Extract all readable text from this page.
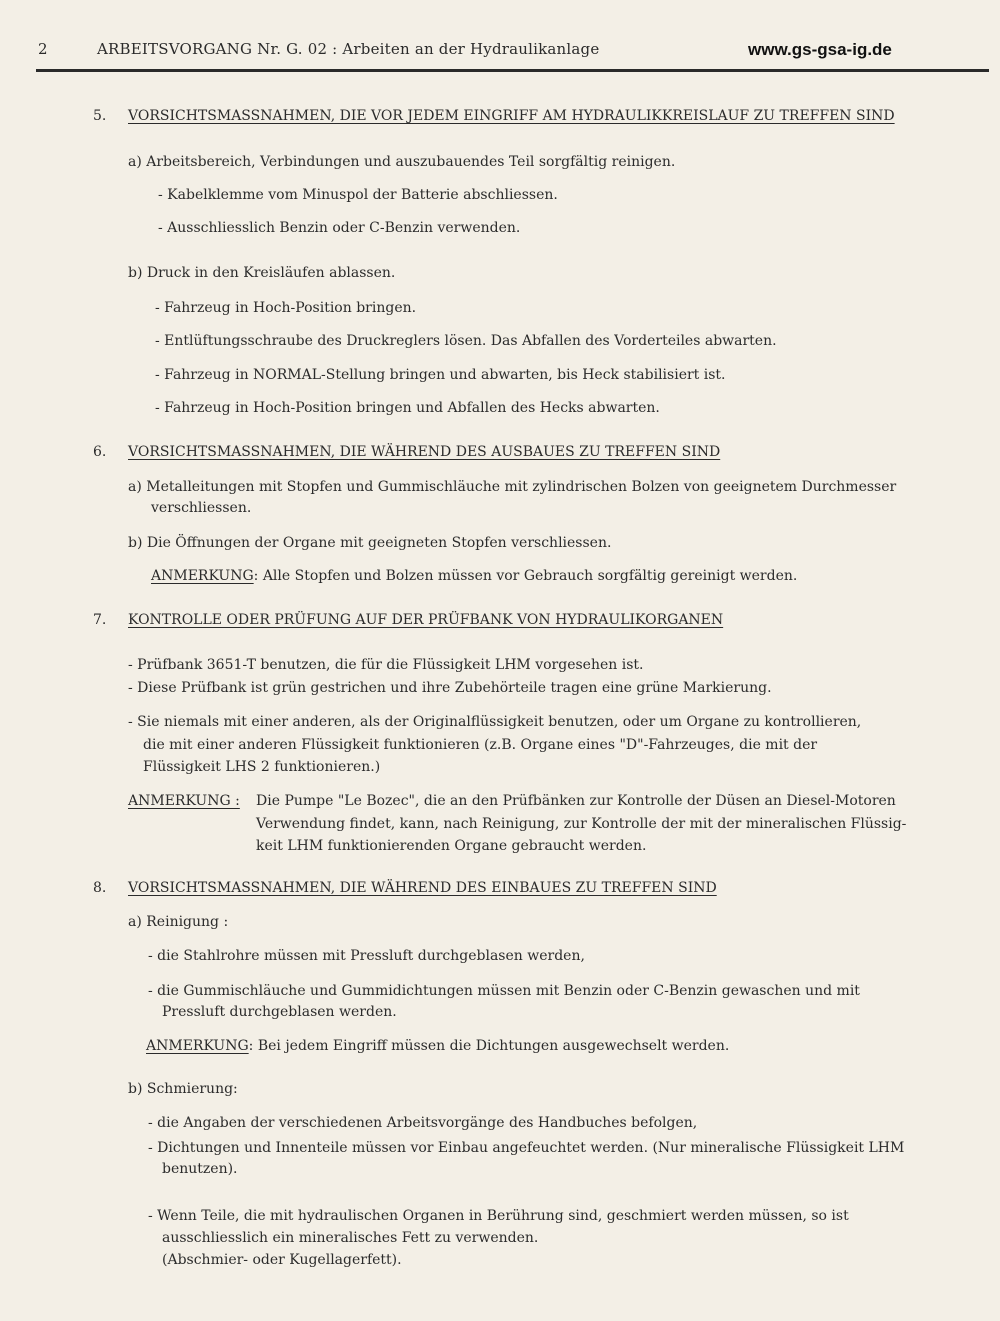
2	ARBEITSVORGANG Nr. G. 02 : Arbeiten an der Hydraulikanlage	www.gs-gsa-ig.de
5. VORSICHTSMASSNAHMEN, DIE VOR JEDEM EINGRIFF AM HYDRAULIKKREISLAUF ZU TREFFEN SIND
a) Arbeitsbereich, Verbindungen und auszubauendes Teil sorgfältig reinigen.
- Kabelklemme vom Minuspol der Batterie abschliessen.
- Ausschliesslich Benzin oder C-Benzin verwenden.
b) Druck in den Kreisläufen ablassen.
- Fahrzeug in Hoch-Position bringen.
- Entlüftungsschraube des Druckreglers lösen. Das Abfallen des Vorderteiles abwarten.
- Fahrzeug in NORMAL-Stellung bringen und abwarten, bis Heck stabilisiert ist.
- Fahrzeug in Hoch-Position bringen und Abfallen des Hecks abwarten.
6. VORSICHTSMASSNAHMEN, DIE WÄHREND DES AUSBAUES ZU TREFFEN SIND
a) Metalleitungen mit Stopfen und Gummischläuche mit zylindrischen Bolzen von geeignetem Durchmesser
verschliessen.
b) Die Öffnungen der Organe mit geeigneten Stopfen verschliessen.
ANMERKUNG: Alle Stopfen und Bolzen müssen vor Gebrauch sorgfältig gereinigt werden.
7. KONTROLLE ODER PRÜFUNG AUF DER PRÜFBANK VON HYDRAULIKORGANEN
- Prüfbank 3651-T benutzen, die für die Flüssigkeit LHM vorgesehen ist.
- Diese Prüfbank ist grün gestrichen und ihre Zubehörteile tragen eine grüne Markierung.
- Sie niemals mit einer anderen, als der Originalflüssigkeit benutzen, oder um Organe zu kontrollieren,
die mit einer anderen Flüssigkeit funktionieren (z.B. Organe eines "D"-Fahrzeuges, die mit der
Flüssigkeit LHS 2 funktionieren.)
ANMERKUNG : Die Pumpe "Le Bozec", die an den Prüfbänken zur Kontrolle der Düsen an Diesel-Motoren
Verwendung findet, kann, nach Reinigung, zur Kontrolle der mit der mineralischen Flüssig-
keit LHM funktionierenden Organe gebraucht werden.
8. VORSICHTSMASSNAHMEN, DIE WÄHREND DES EINBAUES ZU TREFFEN SIND
a) Reinigung :
- die Stahlrohre müssen mit Pressluft durchgeblasen werden,
- die Gummischläuche und Gummidichtungen müssen mit Benzin oder C-Benzin gewaschen und mit
Pressluft durchgeblasen werden.
ANMERKUNG: Bei jedem Eingriff müssen die Dichtungen ausgewechselt werden.
b) Schmierung:
- die Angaben der verschiedenen Arbeitsvorgänge des Handbuches befolgen,
- Dichtungen und Innenteile müssen vor Einbau angefeuchtet werden. (Nur mineralische Flüssigkeit LHM
benutzen).
- Wenn Teile, die mit hydraulischen Organen in Berührung sind, geschmiert werden müssen, so ist
ausschliesslich ein mineralisches Fett zu verwenden.
(Abschmier- oder Kugellagerfett).
